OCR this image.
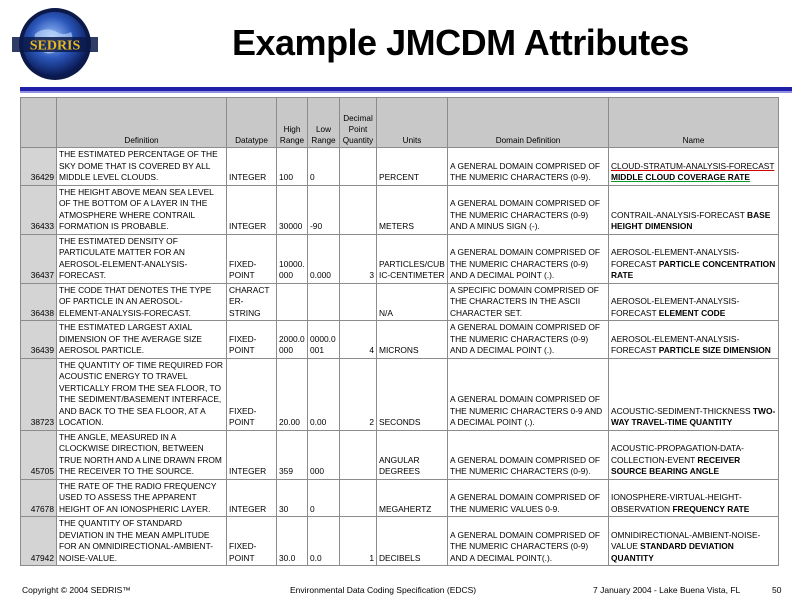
SEDRIS	Example JMCDM Attributes
	Definition	Datatype	High Range	Low Range	Decimal Point Quantity	Units	Domain Definition	Name
36429	THE ESTIMATED PERCENTAGE OF THE SKY DOME THAT IS COVERED BY ALL MIDDLE LEVEL CLOUDS.	INTEGER	100	0		PERCENT	A GENERAL DOMAIN COMPRISED OF THE NUMERIC CHARACTERS (0-9).	CLOUD-STRATUM-ANALYSIS-FORECAST MIDDLE CLOUD COVERAGE RATE
36433	THE HEIGHT ABOVE MEAN SEA LEVEL OF THE BOTTOM OF A LAYER IN THE ATMOSPHERE WHERE CONTRAIL FORMATION IS PROBABLE.	INTEGER	30000	-90		METERS	A GENERAL DOMAIN COMPRISED OF THE NUMERIC CHARACTERS (0-9) AND A MINUS SIGN (-).	CONTRAIL-ANALYSIS-FORECAST BASE HEIGHT DIMENSION
36437	THE ESTIMATED DENSITY OF PARTICULATE MATTER FOR AN AEROSOL-ELEMENT-ANALYSIS-FORECAST.	FIXED-POINT	10000.000	0.000	3	PARTICLES/CUBIC-CENTIMETER	A GENERAL DOMAIN COMPRISED OF THE NUMERIC CHARACTERS (0-9) AND A DECIMAL POINT (.).	AEROSOL-ELEMENT-ANALYSIS-FORECAST PARTICLE CONCENTRATION RATE
36438	THE CODE THAT DENOTES THE TYPE OF PARTICLE IN AN AEROSOL-ELEMENT-ANALYSIS-FORECAST.	CHARACTER-STRING				N/A	A SPECIFIC DOMAIN COMPRISED OF THE CHARACTERS IN THE ASCII CHARACTER SET.	AEROSOL-ELEMENT-ANALYSIS-FORECAST ELEMENT CODE
36439	THE ESTIMATED LARGEST AXIAL DIMENSION OF THE AVERAGE SIZE AEROSOL PARTICLE.	FIXED-POINT	2000.0000	0000.0001	4	MICRONS	A GENERAL DOMAIN COMPRISED OF THE NUMERIC CHARACTERS (0-9) AND A DECIMAL POINT (.).	AEROSOL-ELEMENT-ANALYSIS-FORECAST PARTICLE SIZE DIMENSION
38723	THE QUANTITY OF TIME REQUIRED FOR ACOUSTIC ENERGY TO TRAVEL VERTICALLY FROM THE SEA FLOOR, TO THE SEDIMENT/BASEMENT INTERFACE, AND BACK TO THE SEA FLOOR, AT A LOCATION.	FIXED-POINT	20.00	0.00	2	SECONDS	A GENERAL DOMAIN COMPRISED OF THE NUMERIC CHARACTERS 0-9 AND A DECIMAL POINT (.).	ACOUSTIC-SEDIMENT-THICKNESS TWO-WAY TRAVEL-TIME QUANTITY
45705	THE ANGLE, MEASURED IN A CLOCKWISE DIRECTION, BETWEEN TRUE NORTH AND A LINE DRAWN FROM THE RECEIVER TO THE SOURCE.	INTEGER	359	000		ANGULAR DEGREES	A GENERAL DOMAIN COMPRISED OF THE NUMERIC CHARACTERS (0-9).	ACOUSTIC-PROPAGATION-DATA-COLLECTION-EVENT RECEIVER SOURCE BEARING ANGLE
47678	THE RATE OF THE RADIO FREQUENCY USED TO ASSESS THE APPARENT HEIGHT OF AN IONOSPHERIC LAYER.	INTEGER	30	0		MEGAHERTZ	A GENERAL DOMAIN COMPRISED OF THE NUMERIC VALUES 0-9.	IONOSPHERE-VIRTUAL-HEIGHT-OBSERVATION FREQUENCY RATE
47942	THE QUANTITY OF STANDARD DEVIATION IN THE MEAN AMPLITUDE FOR AN OMNIDIRECTIONAL-AMBIENT-NOISE-VALUE.	FIXED-POINT	30.0	0.0	1	DECIBELS	A GENERAL DOMAIN COMPRISED OF THE NUMERIC CHARACTERS (0-9) AND A DECIMAL POINT(.).	OMNIDIRECTIONAL-AMBIENT-NOISE-VALUE STANDARD DEVIATION QUANTITY
Copyright © 2004 SEDRIS™	Environmental Data Coding Specification (EDCS)	7 January 2004 - Lake Buena Vista, FL	50
